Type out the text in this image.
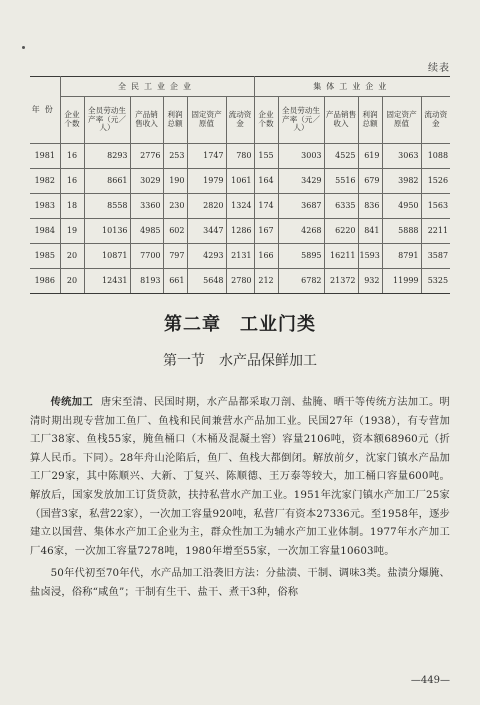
续表
年份	全民工业企业						集体工业企业					
	企业个数	全员劳动生产率（元／人）	产品销售收入	利润总额	固定资产原值	流动资金	企业个数	全员劳动生产率（元／人）	产品销售收入	利润总额	固定资产原值	流动资金
1981	16	8293	2776	253	1747	780	155	3003	4525	619	3063	1088
1982	16	8661	3029	190	1979	1061	164	3429	5516	679	3982	1526
1983	18	8558	3360	230	2820	1324	174	3687	6335	836	4950	1563
1984	19	10136	4985	602	3447	1286	167	4268	6220	841	5888	2211
1985	20	10871	7700	797	4293	2131	166	5895	16211	1593	8791	3587
1986	20	12431	8193	661	5648	2780	212	6782	21372	932	11999	5325
第二章　工业门类
第一节　水产品保鲜加工

传统加工 唐宋至清、民国时期，水产品都采取刀剖、盐腌、晒干等传统方法加工。明清时期出现专营加工鱼厂、鱼栈和民间兼营水产品加工业。民国27年（1938），有专营加工厂38家、鱼栈55家，腌鱼桶口（木桶及混凝土窖）容量2106吨，资本额68960元（折算人民币。下同）。28年舟山沦陷后，鱼厂、鱼栈大都倒闭。解放前夕，沈家门镇水产品加工厂29家，其中陈顺兴、大新、丁复兴、陈顺德、王万泰等较大，加工桶口容量600吨。解放后，国家发放加工订货贷款，扶持私营水产加工业。1951年沈家门镇水产加工厂25家（国营3家，私营22家），一次加工容量920吨，私营厂有资本27336元。至1958年，逐步建立以国营、集体水产加工企业为主，群众性加工为辅水产加工业体制。1977年水产加工厂46家，一次加工容量7278吨，1980年增至55家，一次加工容量10603吨。

50年代初至70年代，水产品加工沿袭旧方法：分盐渍、干制、调味3类。盐渍分爆腌、盐卤浸，俗称“咸鱼”；干制有生干、盐干、煮干3种，俗称

—449—
